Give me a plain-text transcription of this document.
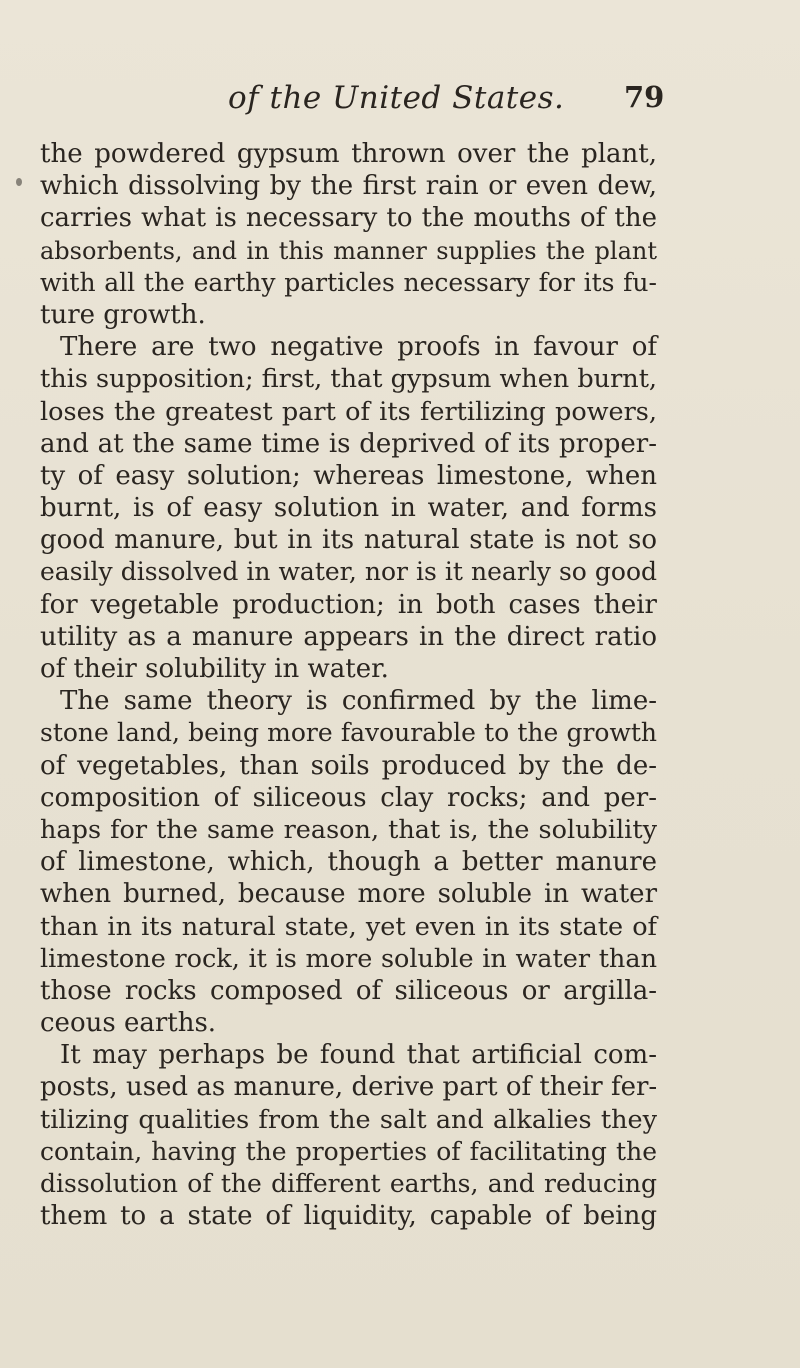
of the United States. 79
the powdered gypsum thrown over the plant,
which dissolving by the first rain or even dew,
carries what is necessary to the mouths of the
absorbents, and in this manner supplies the plant
with all the earthy particles necessary for its fu-
ture growth.
There are two negative proofs in favour of
this supposition; first, that gypsum when burnt,
loses the greatest part of its fertilizing powers,
and at the same time is deprived of its proper-
ty of easy solution; whereas limestone, when
burnt, is of easy solution in water, and forms
good manure, but in its natural state is not so
easily dissolved in water, nor is it nearly so good
for vegetable production; in both cases their
utility as a manure appears in the direct ratio
of their solubility in water.
The same theory is confirmed by the lime-
stone land, being more favourable to the growth
of vegetables, than soils produced by the de-
composition of siliceous clay rocks; and per-
haps for the same reason, that is, the solubility
of limestone, which, though a better manure
when burned, because more soluble in water
than in its natural state, yet even in its state of
limestone rock, it is more soluble in water than
those rocks composed of siliceous or argilla-
ceous earths.
It may perhaps be found that artificial com-
posts, used as manure, derive part of their fer-
tilizing qualities from the salt and alkalies they
contain, having the properties of facilitating the
dissolution of the different earths, and reducing
them to a state of liquidity, capable of being
